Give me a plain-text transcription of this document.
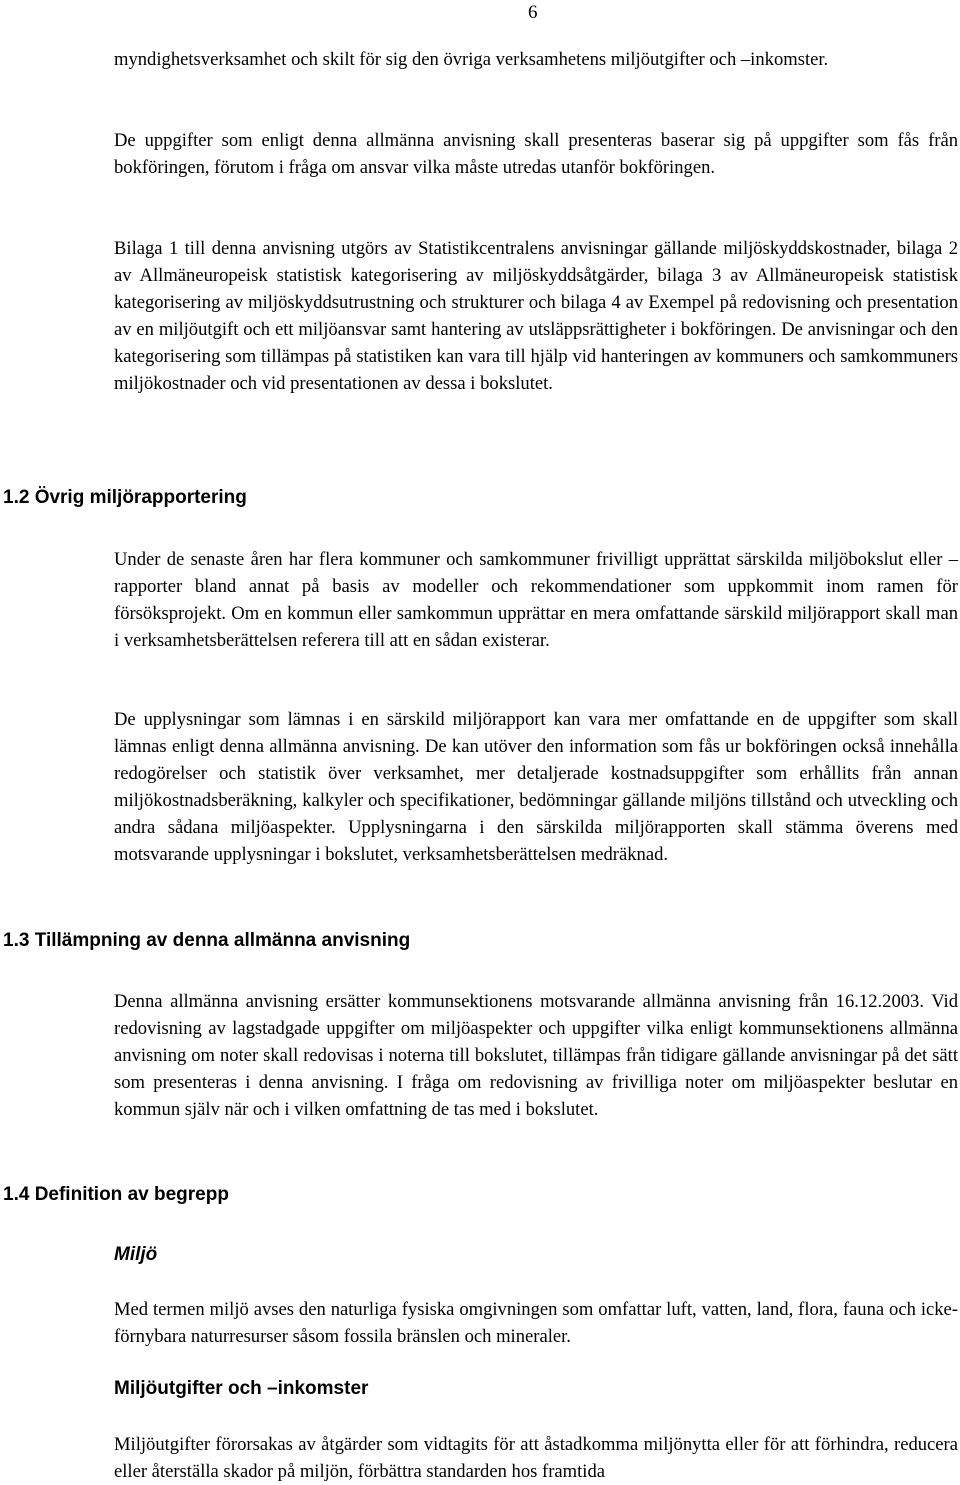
6

myndighetsverksamhet och skilt för sig den övriga verksamhetens miljöutgifter och –inkomster.

De uppgifter som enligt denna allmänna anvisning skall presenteras baserar sig på uppgifter som fås från bokföringen, förutom i fråga om ansvar vilka måste utredas utanför bokföringen.

Bilaga 1 till denna anvisning utgörs av Statistikcentralens anvisningar gällande miljöskyddskostnader, bilaga 2 av Allmäneuropeisk statistisk kategorisering av miljöskyddsåtgärder, bilaga 3 av Allmäneuropeisk statistisk kategorisering av miljöskyddsutrustning och strukturer och bilaga 4 av Exempel på redovisning och presentation av en miljöutgift och ett miljöansvar samt hantering av utsläppsrättigheter i bokföringen. De anvisningar och den kategorisering som tillämpas på statistiken kan vara till hjälp vid hanteringen av kommuners och samkommuners miljökostnader och vid presentationen av dessa i bokslutet.

1.2 Övrig miljörapportering

Under de senaste åren har flera kommuner och samkommuner frivilligt upprättat särskilda miljöbokslut eller –rapporter bland annat på basis av modeller och rekommendationer som uppkommit inom ramen för försöksprojekt. Om en kommun eller samkommun upprättar en mera omfattande särskild miljörapport skall man i verksamhetsberättelsen referera till att en sådan existerar.

De upplysningar som lämnas i en särskild miljörapport kan vara mer omfattande en de uppgifter som skall lämnas enligt denna allmänna anvisning. De kan utöver den information som fås ur bokföringen också innehålla redogörelser och statistik över verksamhet, mer detaljerade kostnadsuppgifter som erhållits från annan miljökostnadsberäkning, kalkyler och specifikationer, bedömningar gällande miljöns tillstånd och utveckling och andra sådana miljöaspekter. Upplysningarna i den särskilda miljörapporten skall stämma överens med motsvarande upplysningar i bokslutet, verksamhetsberättelsen medräknad.

1.3 Tillämpning av denna allmänna anvisning

Denna allmänna anvisning ersätter kommunsektionens motsvarande allmänna anvisning från 16.12.2003. Vid redovisning av lagstadgade uppgifter om miljöaspekter och uppgifter vilka enligt kommunsektionens allmänna anvisning om noter skall redovisas i noterna till bokslutet, tillämpas från tidigare gällande anvisningar på det sätt som presenteras i denna anvisning. I fråga om redovisning av frivilliga noter om miljöaspekter beslutar en kommun själv när och i vilken omfattning de tas med i bokslutet.

1.4 Definition av begrepp
Miljö

Med termen miljö avses den naturliga fysiska omgivningen som omfattar luft, vatten, land, flora, fauna och icke-förnybara naturresurser såsom fossila bränslen och mineraler.

Miljöutgifter och –inkomster

Miljöutgifter förorsakas av åtgärder som vidtagits för att åstadkomma miljönytta eller för att förhindra, reducera eller återställa skador på miljön, förbättra standarden hos framtida
